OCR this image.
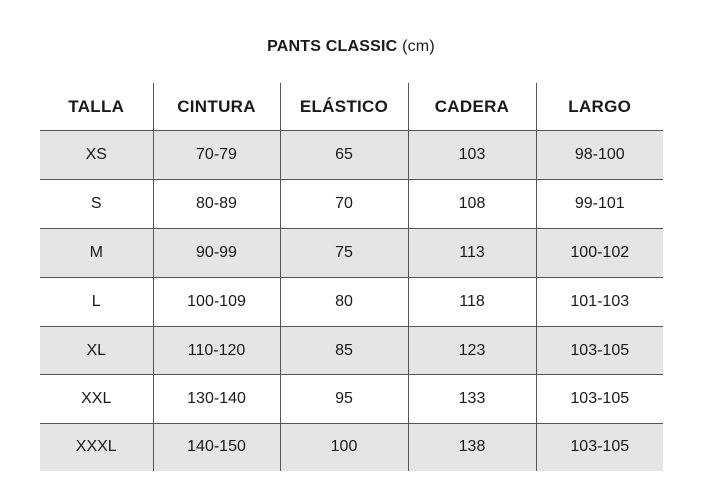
PANTS CLASSIC (cm)
TALLA	CINTURA	ELÁSTICO	CADERA	LARGO
XS	70-79	65	103	98-100
S	80-89	70	108	99-101
M	90-99	75	113	100-102
L	100-109	80	118	101-103
XL	110-120	85	123	103-105
XXL	130-140	95	133	103-105
XXXL	140-150	100	138	103-105
